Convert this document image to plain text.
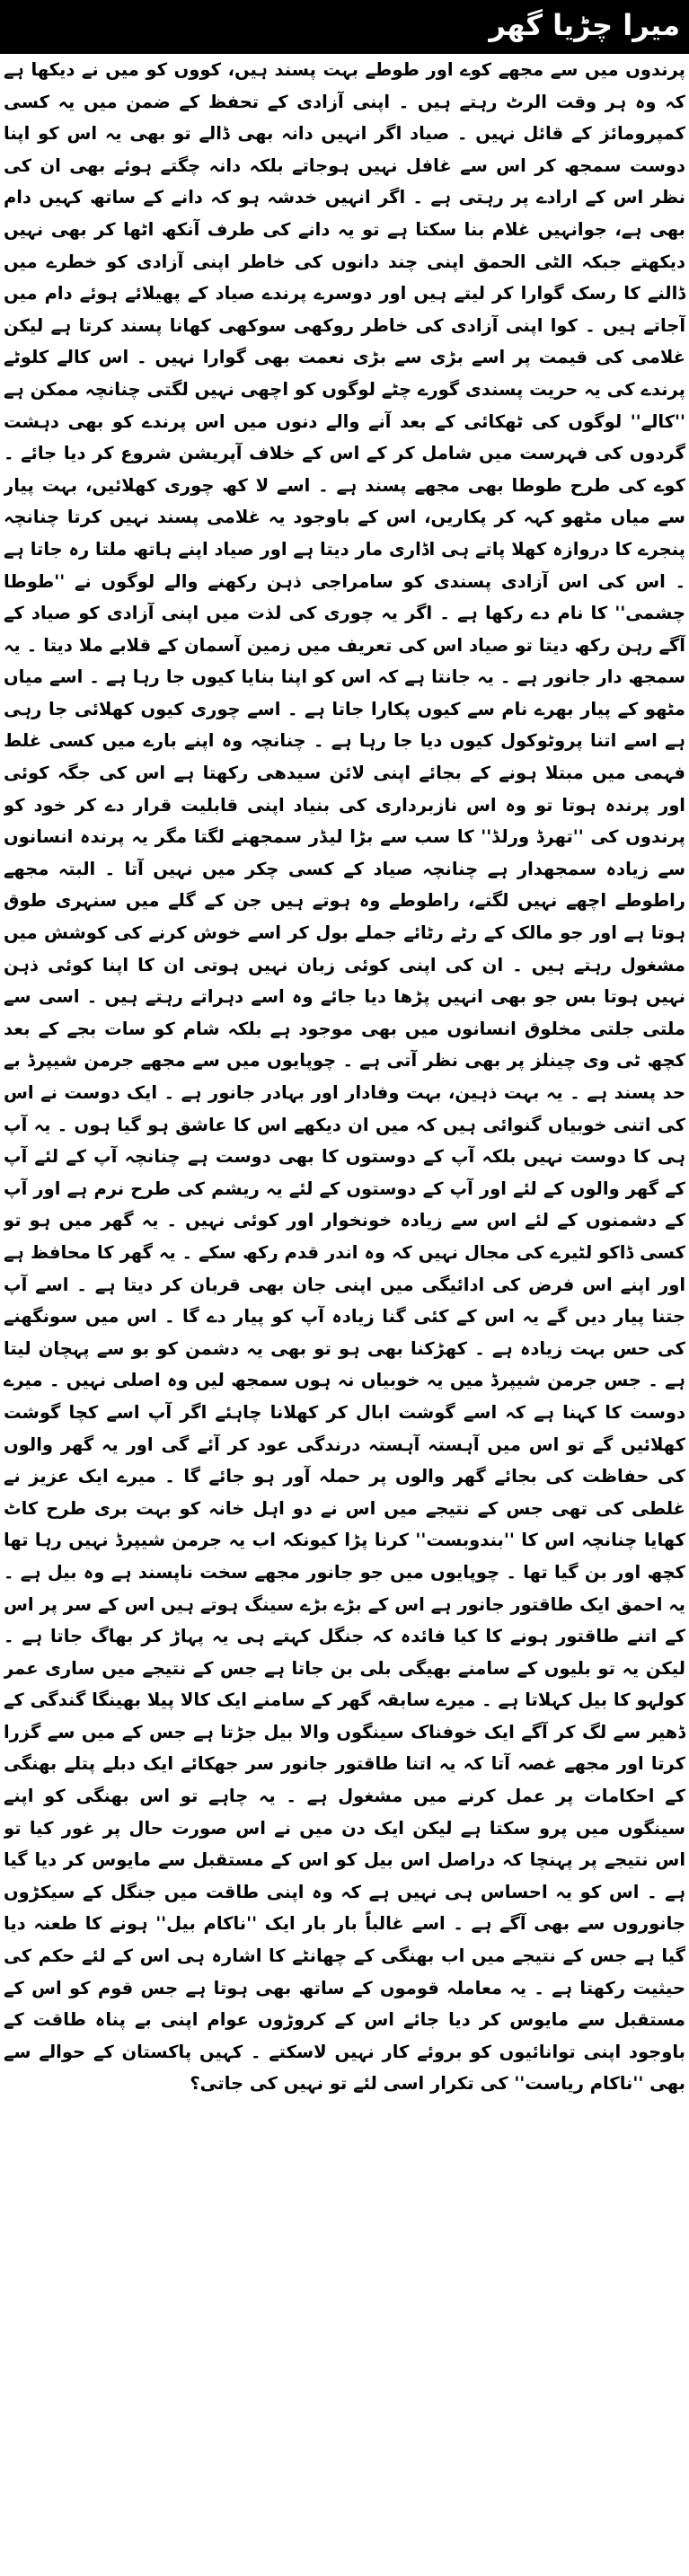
میرا چڑیا گھر

پرندوں میں سے مجھے کوے اور طوطے بہت پسند ہیں، کووں کو میں نے دیکھا ہے کہ وہ ہر وقت الرٹ رہتے ہیں ۔ اپنی آزادی کے تحفظ کے ضمن میں یہ کسی کمپرومائز کے قائل نہیں ۔ صیاد اگر انہیں دانہ بھی ڈالے تو بھی یہ اس کو اپنا دوست سمجھ کر اس سے غافل نہیں ہوجاتے بلکہ دانہ چگتے ہوئے بھی ان کی نظر اس کے ارادے پر رہتی ہے ۔ اگر انہیں خدشہ ہو کہ دانے کے ساتھ کہیں دام بھی ہے، جوانہیں غلام بنا سکتا ہے تو یہ دانے کی طرف آنکھ اٹھا کر بھی نہیں دیکھتے جبکہ الٹی الحمق اپنی چند دانوں کی خاطر اپنی آزادی کو خطرے میں ڈالنے کا رسک گوارا کر لیتے ہیں اور دوسرے پرندے صیاد کے پھیلائے ہوئے دام میں آجاتے ہیں ۔ کوا اپنی آزادی کی خاطر روکھی سوکھی کھانا پسند کرتا ہے لیکن غلامی کی قیمت پر اسے بڑی سے بڑی نعمت بھی گوارا نہیں ۔ اس کالے کلوٹے پرندے کی یہ حریت پسندی گورے چٹے لوگوں کو اچھی نہیں لگتی چنانچہ ممکن ہے ''کالے'' لوگوں کی ٹھکائی کے بعد آنے والے دنوں میں اس پرندے کو بھی دہشت گردوں کی فہرست میں شامل کر کے اس کے خلاف آپریشن شروع کر دیا جائے ۔ کوے کی طرح طوطا بھی مجھے پسند ہے ۔ اسے لا کھ چوری کھلائیں، بہت پیار سے میاں مٹھو کہہ کر پکاریں، اس کے باوجود یہ غلامی پسند نہیں کرتا چنانچہ پنجرے کا دروازہ کھلا پاتے ہی اڈاری مار دیتا ہے اور صیاد اپنے ہاتھ ملتا رہ جاتا ہے ۔ اس کی اس آزادی پسندی کو سامراجی ذہن رکھنے والے لوگوں نے ''طوطا چشمی'' کا نام دے رکھا ہے ۔ اگر یہ چوری کی لذت میں اپنی آزادی کو صیاد کے آگے رہن رکھ دیتا تو صیاد اس کی تعریف میں زمین آسمان کے قلابے ملا دیتا ۔ یہ سمجھ دار جانور ہے ۔ یہ جانتا ہے کہ اس کو اپنا بنایا کیوں جا رہا ہے ۔ اسے میاں مٹھو کے پیار بھرے نام سے کیوں پکارا جاتا ہے ۔ اسے چوری کیوں کھلائی جا رہی ہے اسے اتنا پروٹوکول کیوں دیا جا رہا ہے ۔ چنانچہ وہ اپنے بارے میں کسی غلط فہمی میں مبتلا ہونے کے بجائے اپنی لائن سیدھی رکھتا ہے اس کی جگہ کوئی اور پرندہ ہوتا تو وہ اس نازبرداری کی بنیاد اپنی قابلیت قرار دے کر خود کو پرندوں کی ''تھرڈ ورلڈ'' کا سب سے بڑا لیڈر سمجھنے لگتا مگر یہ پرندہ انسانوں سے زیادہ سمجھدار ہے چنانچہ صیاد کے کسی چکر میں نہیں آتا ۔ البتہ مجھے راطوطے اچھے نہیں لگتے، راطوطے وہ ہوتے ہیں جن کے گلے میں سنہری طوق ہوتا ہے اور جو مالک کے رٹے رٹائے جملے بول کر اسے خوش کرنے کی کوشش میں مشغول رہتے ہیں ۔ ان کی اپنی کوئی زبان نہیں ہوتی ان کا اپنا کوئی ذہن نہیں ہوتا بس جو بھی انہیں پڑھا دیا جائے وہ اسے دہراتے رہتے ہیں ۔ اسی سے ملتی جلتی مخلوق انسانوں میں بھی موجود ہے بلکہ شام کو سات بجے کے بعد کچھ ٹی وی چینلز پر بھی نظر آتی ہے ۔ چوپایوں میں سے مجھے جرمن شیپرڈ بے حد پسند ہے ۔ یہ بہت ذہین، بہت وفادار اور بہادر جانور ہے ۔ ایک دوست نے اس کی اتنی خوبیاں گنوائی ہیں کہ میں ان دیکھے اس کا عاشق ہو گیا ہوں ۔ یہ آپ ہی کا دوست نہیں بلکہ آپ کے دوستوں کا بھی دوست ہے چنانچہ آپ کے لئے آپ کے گھر والوں کے لئے اور آپ کے دوستوں کے لئے یہ ریشم کی طرح نرم ہے اور آپ کے دشمنوں کے لئے اس سے زیادہ خونخوار اور کوئی نہیں ۔ یہ گھر میں ہو تو کسی ڈاکو لٹیرے کی مجال نہیں کہ وہ اندر قدم رکھ سکے ۔ یہ گھر کا محافظ ہے اور اپنے اس فرض کی ادائیگی میں اپنی جان بھی قربان کر دیتا ہے ۔ اسے آپ جتنا پیار دیں گے یہ اس کے کئی گنا زیادہ آپ کو پیار دے گا ۔ اس میں سونگھنے کی حس بہت زیادہ ہے ۔ کھڑکنا بھی ہو تو بھی یہ دشمن کو بو سے پہچان لیتا ہے ۔ جس جرمن شیپرڈ میں یہ خوبیاں نہ ہوں سمجھ لیں وہ اصلی نہیں ۔ میرے دوست کا کہنا ہے کہ اسے گوشت ابال کر کھلانا چاہئے اگر آپ اسے کچا گوشت کھلائیں گے تو اس میں آہستہ آہستہ درندگی عود کر آئے گی اور یہ گھر والوں کی حفاظت کی بجائے گھر والوں پر حملہ آور ہو جائے گا ۔ میرے ایک عزیز نے غلطی کی تھی جس کے نتیجے میں اس نے دو اہل خانہ کو بہت بری طرح کاٹ کھایا چنانچہ اس کا ''بندوبست'' کرنا پڑا کیونکہ اب یہ جرمن شیپرڈ نہیں رہا تھا کچھ اور بن گیا تھا ۔ چوپایوں میں جو جانور مجھے سخت ناپسند ہے وہ بیل ہے ۔ یہ احمق ایک طاقتور جانور ہے اس کے بڑے بڑے سینگ ہوتے ہیں اس کے سر پر اس کے اتنے طاقتور ہونے کا کیا فائدہ کہ جنگل کہتے ہی یہ پہاڑ کر بھاگ جاتا ہے ۔ لیکن یہ تو بلیوں کے سامنے بھیگی بلی بن جاتا ہے جس کے نتیجے میں ساری عمر کولہو کا بیل کہلاتا ہے ۔ میرے سابقہ گھر کے سامنے ایک کالا پیلا بھینگا گندگی کے ڈھیر سے لگ کر آگے ایک خوفناک سینگوں والا بیل جڑتا ہے جس کے میں سے گزرا کرتا اور مجھے غصہ آتا کہ یہ اتنا طاقتور جانور سر جھکائے ایک دبلے پتلے بھنگی کے احکامات پر عمل کرنے میں مشغول ہے ۔ یہ چاہے تو اس بھنگی کو اپنے سینگوں میں پرو سکتا ہے لیکن ایک دن میں نے اس صورت حال پر غور کیا تو اس نتیجے پر پہنچا کہ دراصل اس بیل کو اس کے مستقبل سے مایوس کر دیا گیا ہے ۔ اس کو یہ احساس ہی نہیں ہے کہ وہ اپنی طاقت میں جنگل کے سیکڑوں جانوروں سے بھی آگے ہے ۔ اسے غالباً بار بار ایک ''ناکام بیل'' ہونے کا طعنہ دیا گیا ہے جس کے نتیجے میں اب بھنگی کے چھانٹے کا اشارہ ہی اس کے لئے حکم کی حیثیت رکھتا ہے ۔ یہ معاملہ قوموں کے ساتھ بھی ہوتا ہے جس قوم کو اس کے مستقبل سے مایوس کر دیا جائے اس کے کروڑوں عوام اپنی بے پناہ طاقت کے باوجود اپنی توانائیوں کو بروئے کار نہیں لاسکتے ۔ کہیں پاکستان کے حوالے سے بھی ''ناکام ریاست'' کی تکرار اسی لئے تو نہیں کی جاتی؟
